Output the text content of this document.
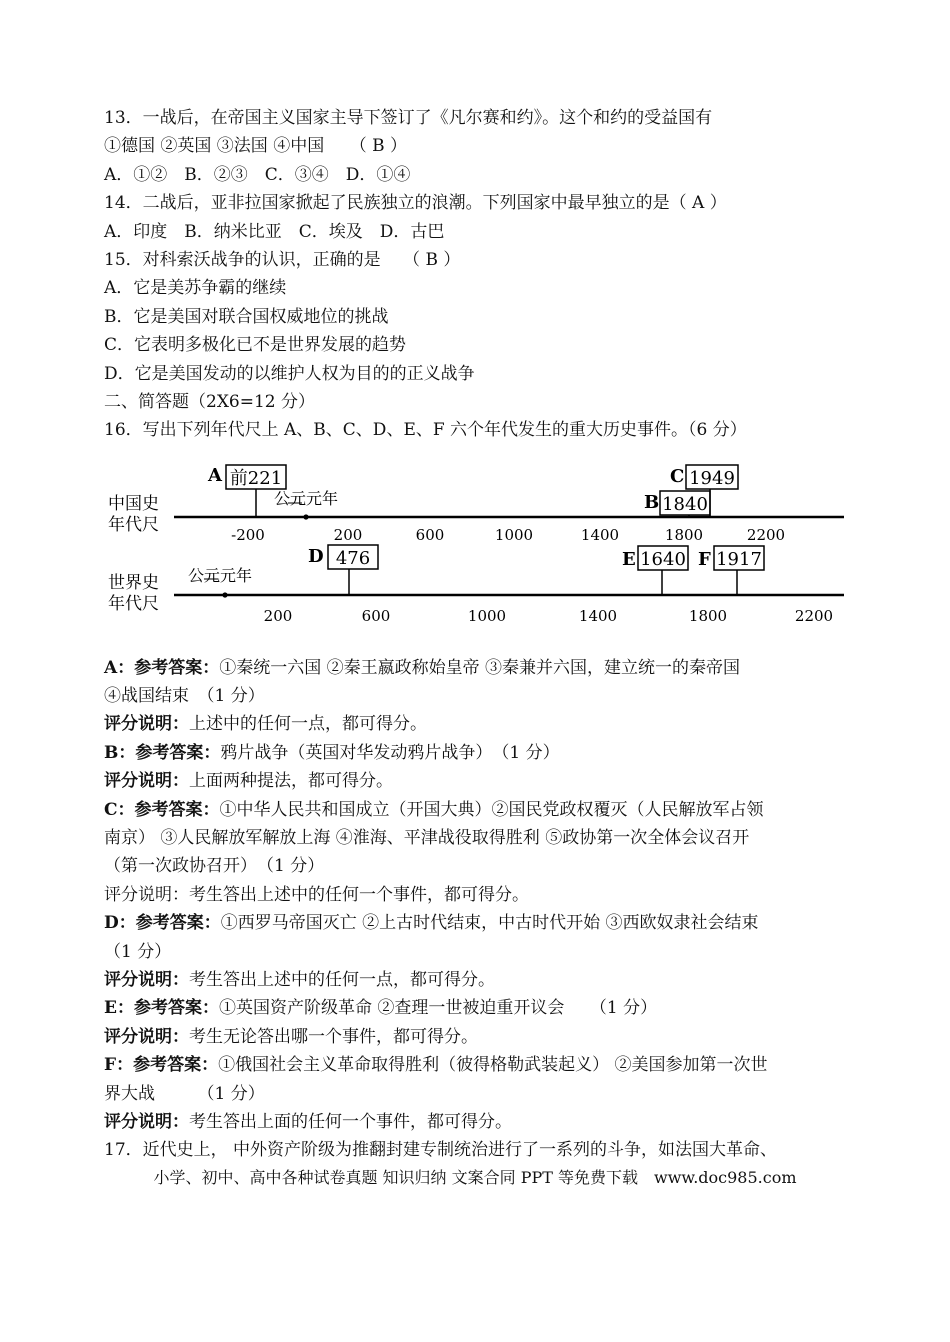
13．一战后，在帝国主义国家主导下签订了《凡尔赛和约》。这个和约的受益国有
①德国 ②英国 ③法国 ④中国　　（ B ）
A．①②　B．②③　C．③④　D．①④
14．二战后，亚非拉国家掀起了民族独立的浪潮。下列国家中最早独立的是（ A ）
A．印度　B．纳米比亚　C．埃及　D．古巴
15．对科索沃战争的认识，正确的是　 （ B ）
A．它是美苏争霸的继续
B．它是美国对联合国权威地位的挑战
C．它表明多极化已不是世界发展的趋势
D．它是美国发动的以维护人权为目的的正义战争
二、简答题（2X6=12 分）
16．写出下列年代尺上 A、B、C、D、E、F 六个年代发生的重大历史事件。（6 分）
中国史
年代尺
公元元年
-200	200	600	1000	1400	1800	2200
A 前221
B 1840
C 1949
世界史
年代尺
公元元年
200	600	1000	1400	1800	2200
D 476	E 1640 F 1917
A：参考答案：①秦统一六国 ②秦王嬴政称始皇帝 ③秦兼并六国，建立统一的秦帝国
④战国结束　（1 分）
评分说明：上述中的任何一点，都可得分。
B：参考答案：鸦片战争（英国对华发动鸦片战争）　（1 分）
评分说明：上面两种提法，都可得分。
C：参考答案：①中华人民共和国成立（开国大典）②国民党政权覆灭（人民解放军占领
南京） ③人民解放军解放上海 ④淮海、平津战役取得胜利 ⑤政协第一次全体会议召开
（第一次政协召开）　（1 分）
评分说明：考生答出上述中的任何一个事件，都可得分。
D：参考答案：①西罗马帝国灭亡 ②上古时代结束，中古时代开始 ③西欧奴隶社会结束
（1 分）
评分说明：考生答出上述中的任何一点，都可得分。
E：参考答案：①英国资产阶级革命 ②查理一世被迫重开议会　　（1 分）
评分说明：考生无论答出哪一个事件，都可得分。
F：参考答案：①俄国社会主义革命取得胜利（彼得格勒武装起义） ②美国参加第一次世
界大战　　　（1 分）
评分说明：考生答出上面的任何一个事件，都可得分。
17．近代史上， 中外资产阶级为推翻封建专制统治进行了一系列的斗争，如法国大革命、
小学、初中、高中各种试卷真题 知识归纳 文案合同 PPT 等免费下载　www.doc985.com
